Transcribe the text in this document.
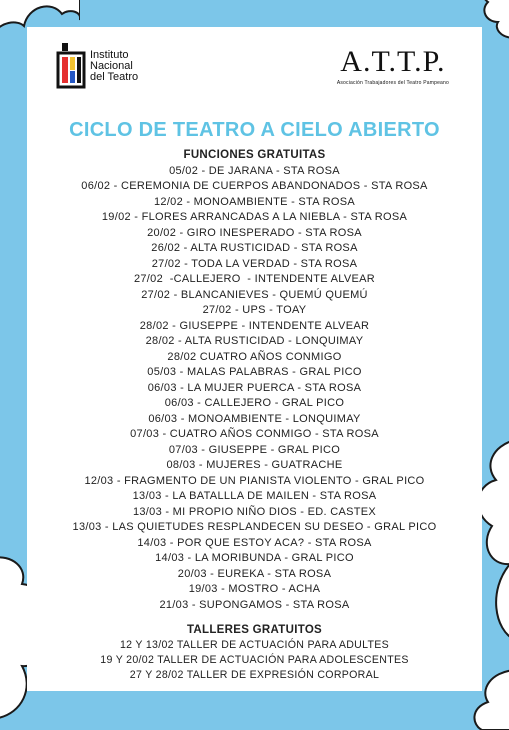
Instituto
Nacional
del Teatro	A.T.T.P.
Asociación Trabajadores del Teatro Pampeano
CICLO DE TEATRO A CIELO ABIERTO
FUNCIONES GRATUITAS
05/02 - DE JARANA - STA ROSA
06/02 - CEREMONIA DE CUERPOS ABANDONADOS - STA ROSA
12/02 - MONOAMBIENTE - STA ROSA
19/02 - FLORES ARRANCADAS A LA NIEBLA - STA ROSA
20/02 - GIRO INESPERADO - STA ROSA
26/02 - ALTA RUSTICIDAD - STA ROSA
27/02 - TODA LA VERDAD - STA ROSA
27/02  -CALLEJERO  - INTENDENTE ALVEAR
27/02 - BLANCANIEVES - QUEMÚ QUEMÚ
27/02 - UPS - TOAY
28/02 - GIUSEPPE - INTENDENTE ALVEAR
28/02 - ALTA RUSTICIDAD - LONQUIMAY
28/02 CUATRO AÑOS CONMIGO
05/03 - MALAS PALABRAS - GRAL PICO
06/03 - LA MUJER PUERCA - STA ROSA
06/03 - CALLEJERO - GRAL PICO
06/03 - MONOAMBIENTE - LONQUIMAY
07/03 - CUATRO AÑOS CONMIGO - STA ROSA
07/03 - GIUSEPPE - GRAL PICO
08/03 - MUJERES - GUATRACHE
12/03 - FRAGMENTO DE UN PIANISTA VIOLENTO - GRAL PICO
13/03 - LA BATALLLA DE MAILEN - STA ROSA
13/03 - MI PROPIO NIÑO DIOS - ED. CASTEX
13/03 - LAS QUIETUDES RESPLANDECEN SU DESEO - GRAL PICO
14/03 - POR QUE ESTOY ACA? - STA ROSA
14/03 - LA MORIBUNDA - GRAL PICO
20/03 - EUREKA - STA ROSA
19/03 - MOSTRO - ACHA
21/03 - SUPONGAMOS - STA ROSA
TALLERES GRATUITOS
12 Y 13/02 TALLER DE ACTUACIÓN PARA ADULTES
19 Y 20/02 TALLER DE ACTUACIÓN PARA ADOLESCENTES
27 Y 28/02 TALLER DE EXPRESIÓN CORPORAL
